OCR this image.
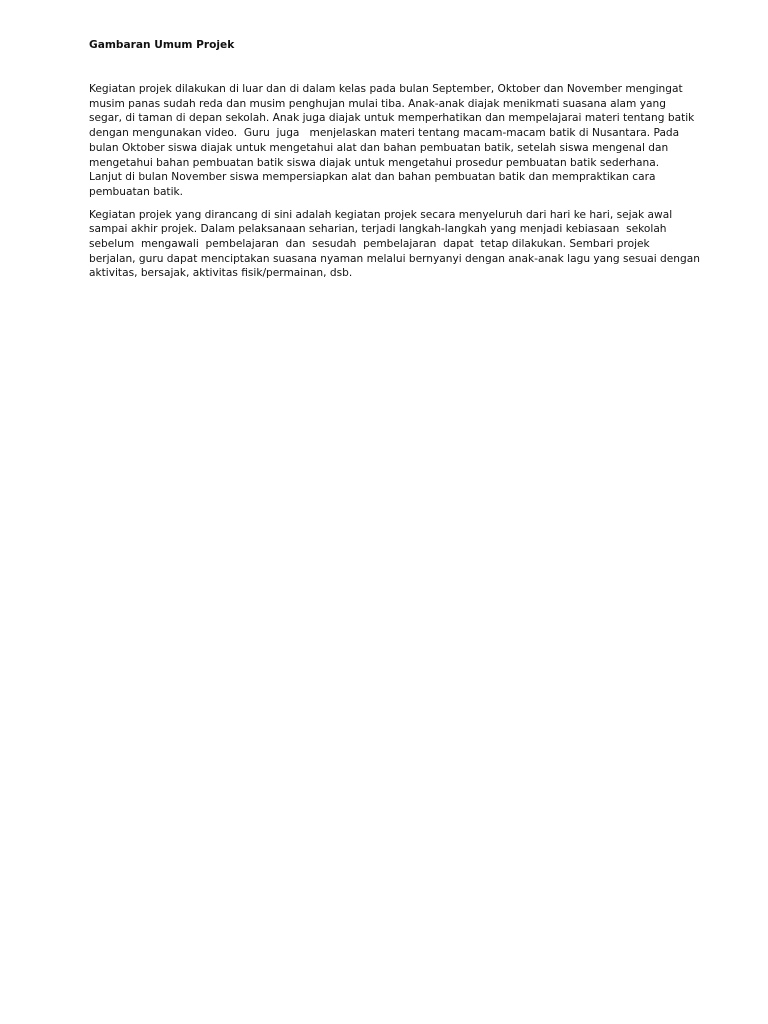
Gambaran Umum Projek
Kegiatan projek dilakukan di luar dan di dalam kelas pada bulan September, Oktober dan November mengingat
musim panas sudah reda dan musim penghujan mulai tiba. Anak-anak diajak menikmati suasana alam yang
segar, di taman di depan sekolah. Anak juga diajak untuk memperhatikan dan mempelajarai materi tentang batik
dengan mengunakan video.  Guru  juga   menjelaskan materi tentang macam-macam batik di Nusantara. Pada
bulan Oktober siswa diajak untuk mengetahui alat dan bahan pembuatan batik, setelah siswa mengenal dan
mengetahui bahan pembuatan batik siswa diajak untuk mengetahui prosedur pembuatan batik sederhana.
Lanjut di bulan November siswa mempersiapkan alat dan bahan pembuatan batik dan mempraktikan cara
pembuatan batik.
Kegiatan projek yang dirancang di sini adalah kegiatan projek secara menyeluruh dari hari ke hari, sejak awal
sampai akhir projek. Dalam pelaksanaan seharian, terjadi langkah-langkah yang menjadi kebiasaan  sekolah
sebelum  mengawali  pembelajaran  dan  sesudah  pembelajaran  dapat  tetap dilakukan. Sembari projek
berjalan, guru dapat menciptakan suasana nyaman melalui bernyanyi dengan anak-anak lagu yang sesuai dengan
aktivitas, bersajak, aktivitas fisik/permainan, dsb.
